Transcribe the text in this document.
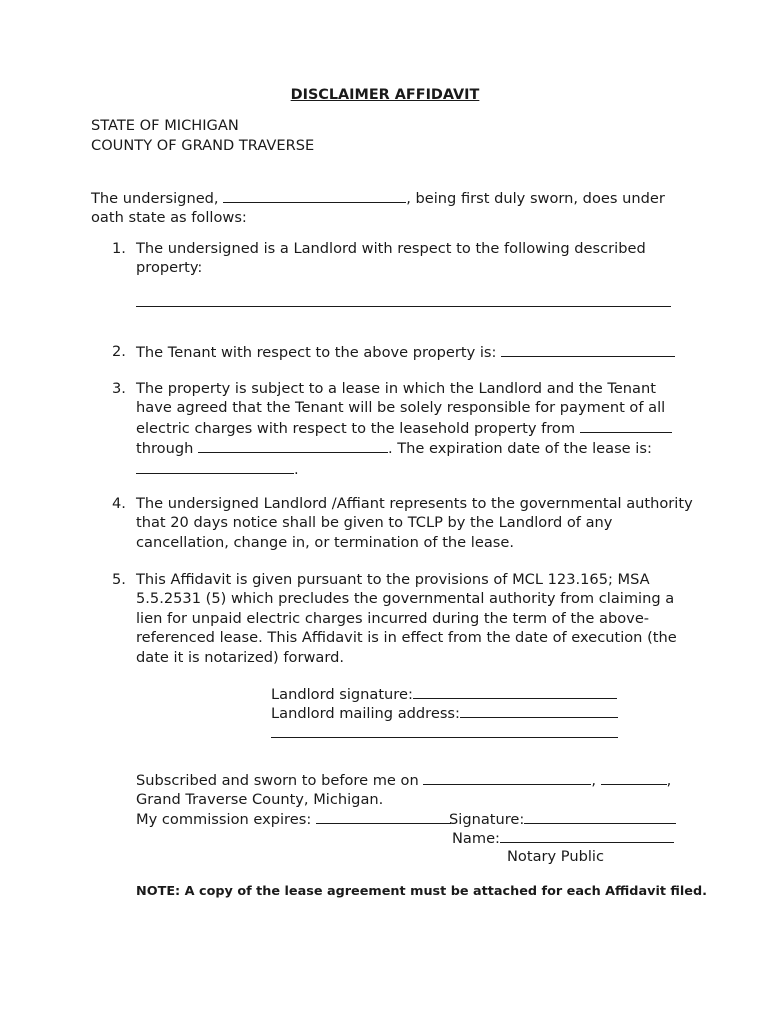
DISCLAIMER AFFIDAVIT
STATE OF MICHIGAN
COUNTY OF GRAND TRAVERSE
The undersigned,	, being first duly sworn, does under
oath state as follows:
1. The undersigned is a Landlord with respect to the following described
property:
2. The Tenant with respect to the above property is:
3. The property is subject to a lease in which the Landlord and the Tenant
have agreed that the Tenant will be solely responsible for payment of all
electric charges with respect to the leasehold property from
through	. The expiration date of the lease is:
.
4. The undersigned Landlord /Affiant represents to the governmental authority
that 20 days notice shall be given to TCLP by the Landlord of any
cancellation, change in, or termination of the lease.
5. This Affidavit is given pursuant to the provisions of MCL 123.165; MSA
5.5.2531 (5) which precludes the governmental authority from claiming a
lien for unpaid electric charges incurred during the term of the above-
referenced lease. This Affidavit is in effect from the date of execution (the
date it is notarized) forward.
Landlord signature:
Landlord mailing address:
Subscribed and sworn to before me on	,	,
Grand Traverse County, Michigan.
My commission expires:	Signature:
Name:
Notary Public
NOTE: A copy of the lease agreement must be attached for each Affidavit filed.
